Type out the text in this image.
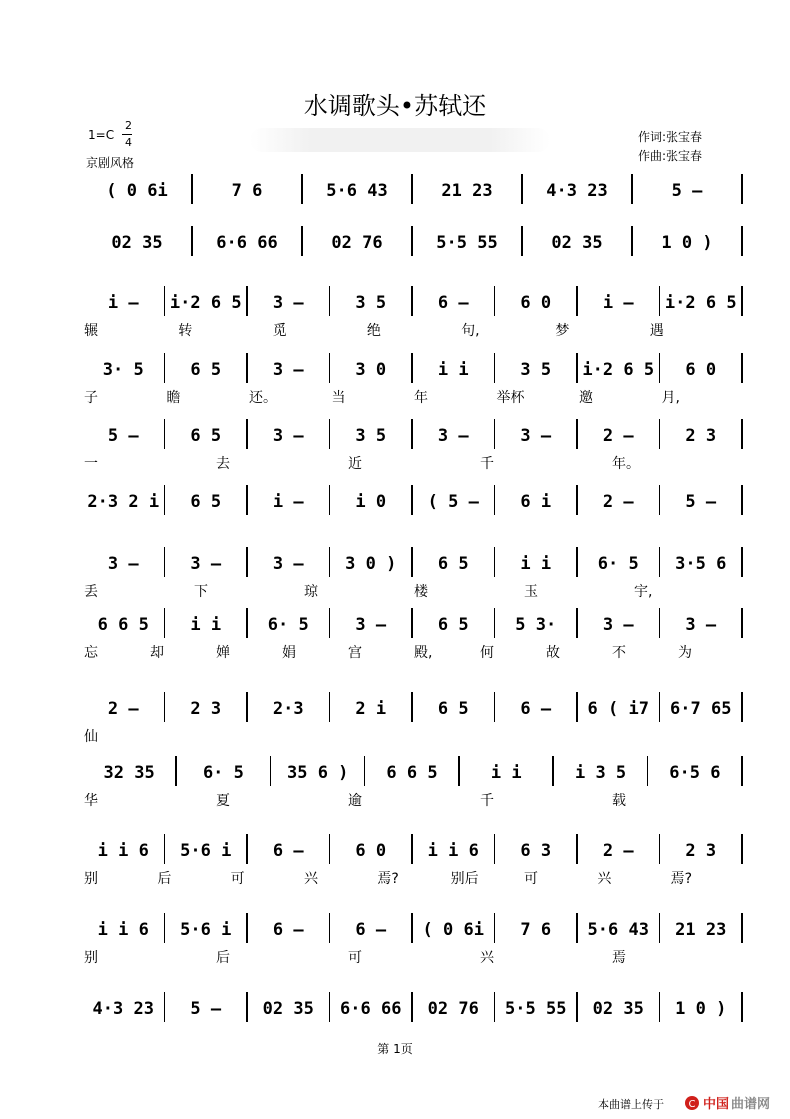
水调歌头•苏轼还
1=C
2
4
京剧风格
作词:张宝春
作曲:张宝春
( 0 6i	7 6	5·6 43	21 23	4·3 23	5 –
02 35	6·6 66	02 76	5·5 55	02 35	1 0 )
i –	i·2 6 5	3 –	3 5	6 –	6 0	i –	i·2 6 5
辗	转	觅	绝	句,	梦	遇
3· 5	6 5	3 –	3 0	i i	3 5	i·2 6 5	6 0
子	瞻	还。	当	年	举杯	邀	月,
5 –	6 5	3 –	3 5	3 –	3 –	2 –	2 3
一	去	近	千	年。
2·3 2 i	6 5	i –	i 0	( 5 –	6 i	2 –	5 –
3 –	3 –	3 –	3 0 )	6 5	i i	6· 5	3·5 6
丢	下	琼	楼	玉	宇,
6 6 5	i i	6· 5	3 –	6 5	5 3·	3 –	3 –
忘	却	婵	娟	宫	殿,	何	故	不	为
2 –	2 3	2·3	2 i	6 5	6 –	6 ( i7	6·7 65
仙
32 35	6· 5	35 6 )	6 6 5	i i	i 3 5	6·5 6
华	夏	逾	千	载
i i 6	5·6 i	6 –	6 0	i i 6	6 3	2 –	2 3
别	后	可	兴	焉?	别后	可	兴	焉?
i i 6	5·6 i	6 –	6 –	( 0 6i	7 6	5·6 43	21 23
别	后	可	兴	焉
4·3 23	5 –	02 35	6·6 66	02 76	5·5 55	02 35	1 0 )
第 1页
本曲谱上传于 C 中国 曲谱网
